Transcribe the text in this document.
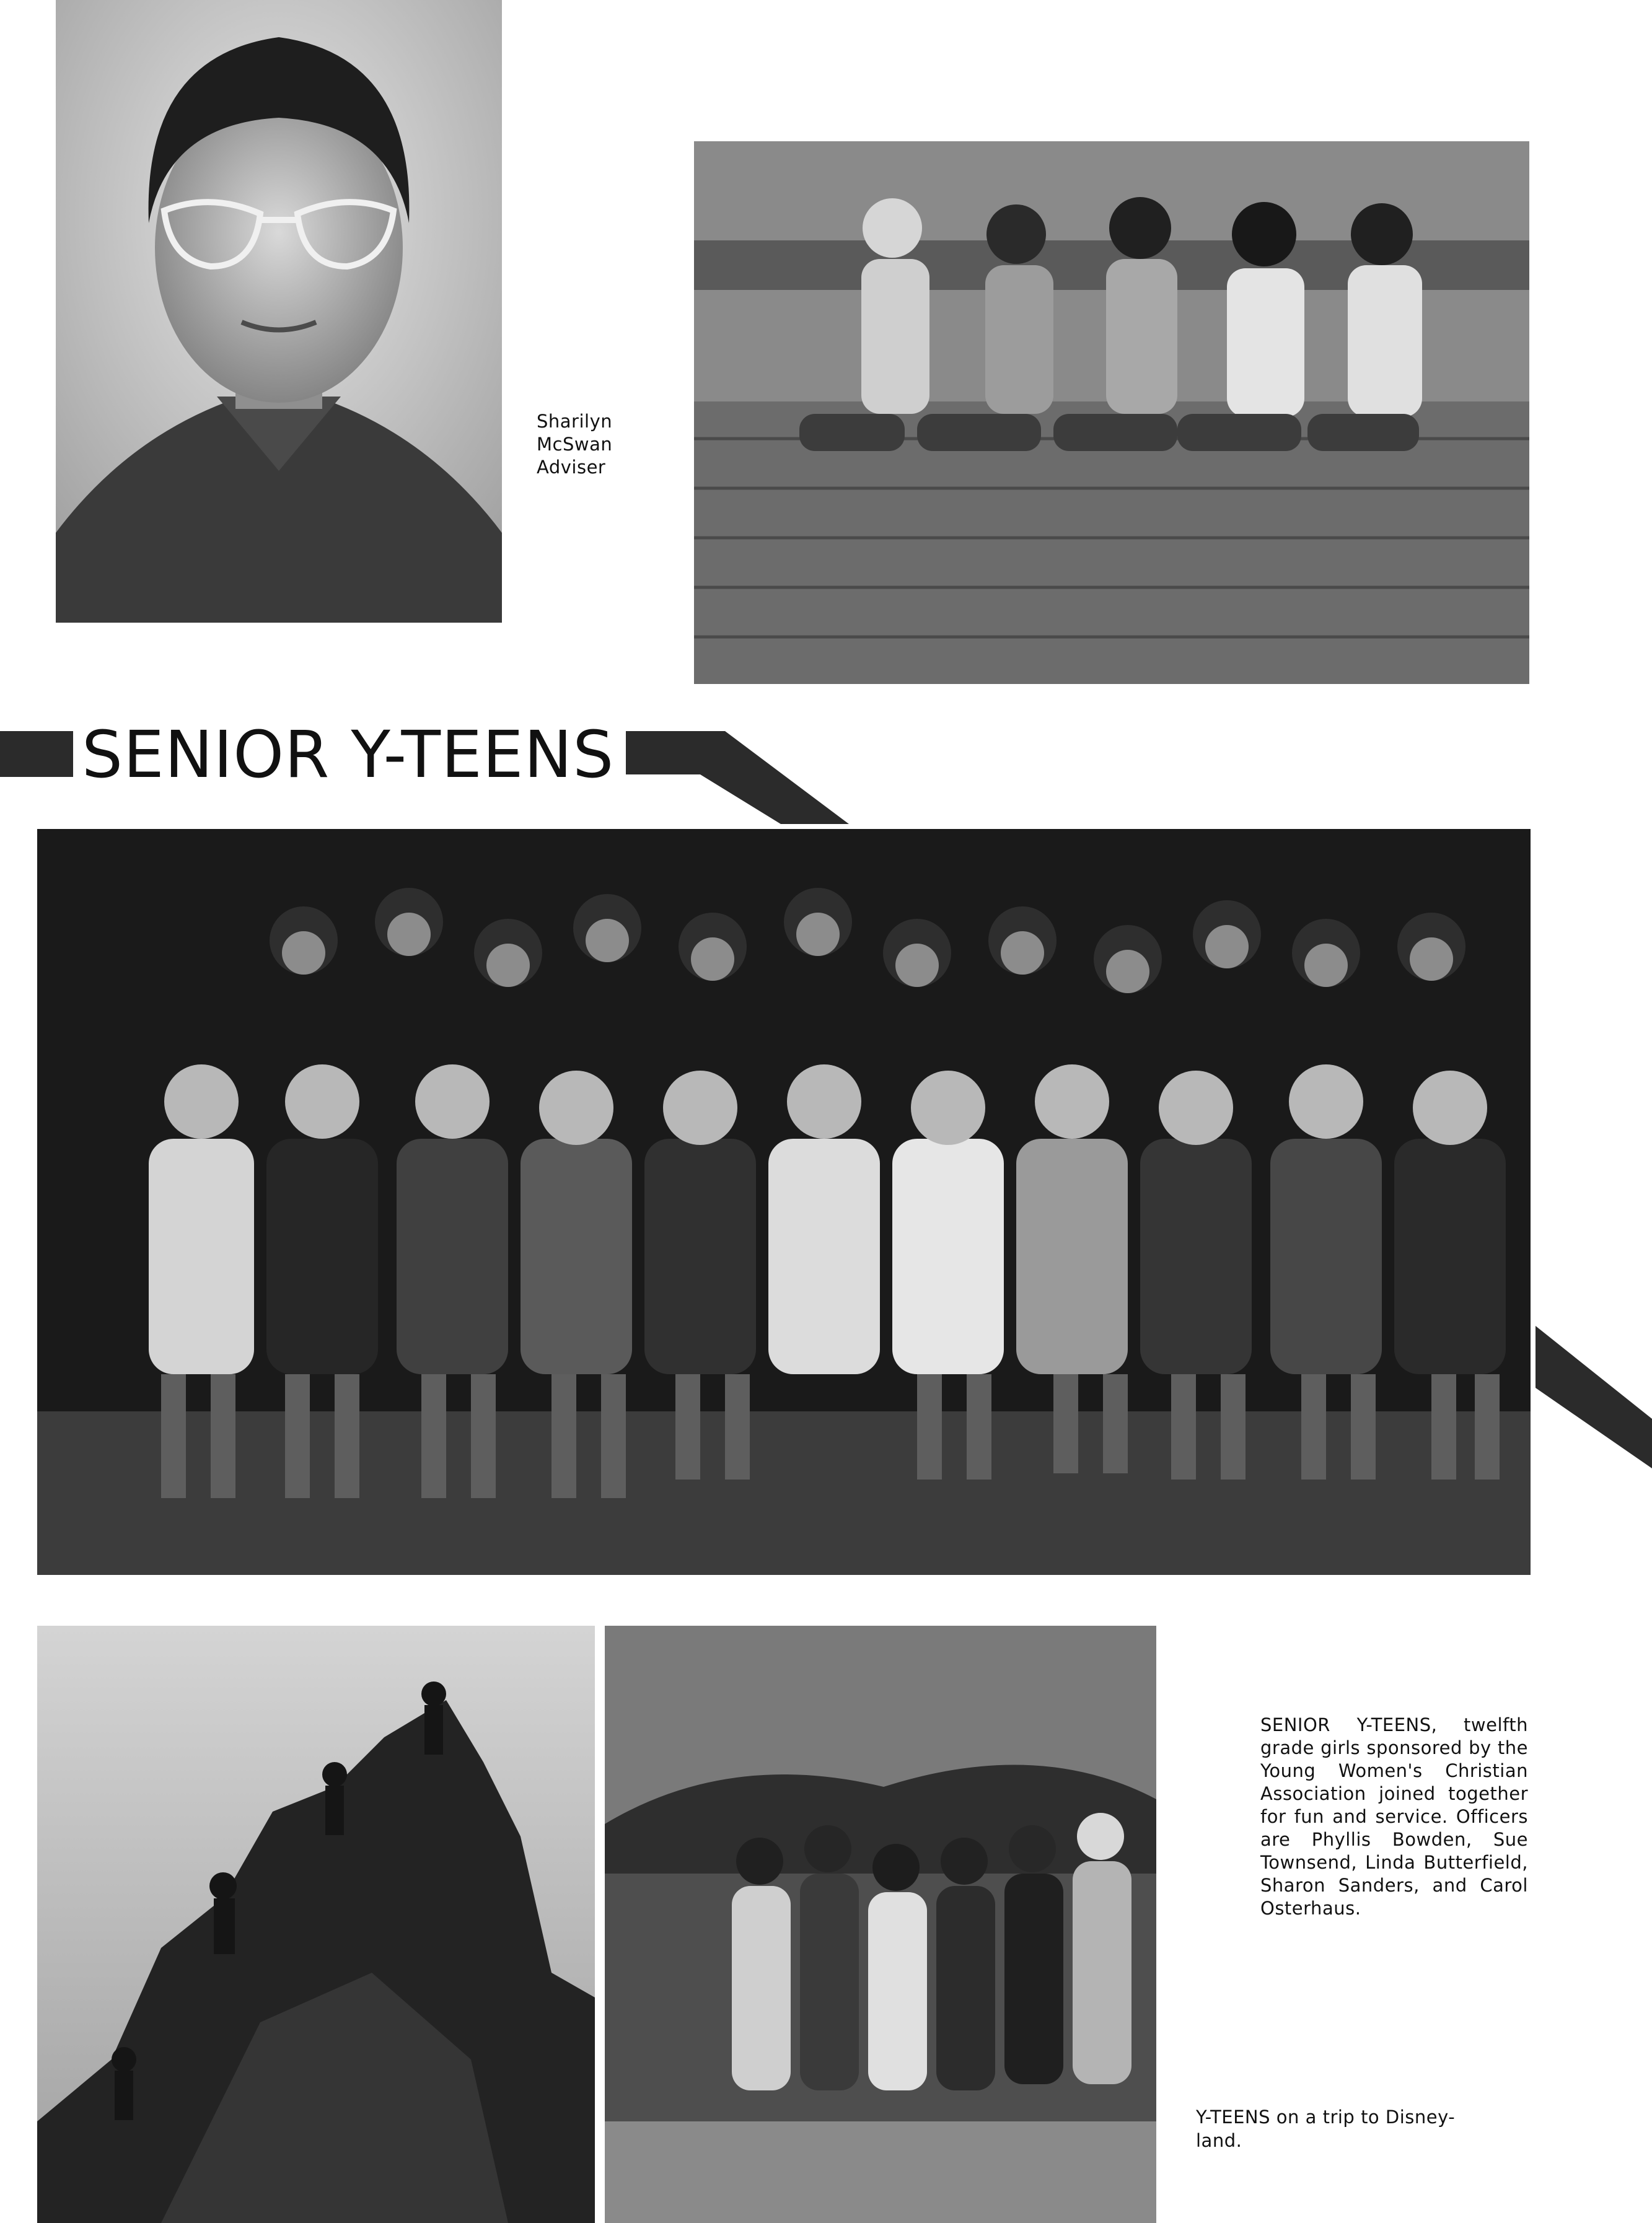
Sharilyn
McSwan
Adviser
SENIOR Y-TEENS
SENIOR Y-TEENS, twelfth grade girls sponsored by the Young Women's Christian Association joined together for fun and service. Officers are Phyllis Bowden, Sue Townsend, Linda Butterfield, Sharon Sanders, and Carol Osterhaus.
Y-TEENS on a trip to Disney-land.
